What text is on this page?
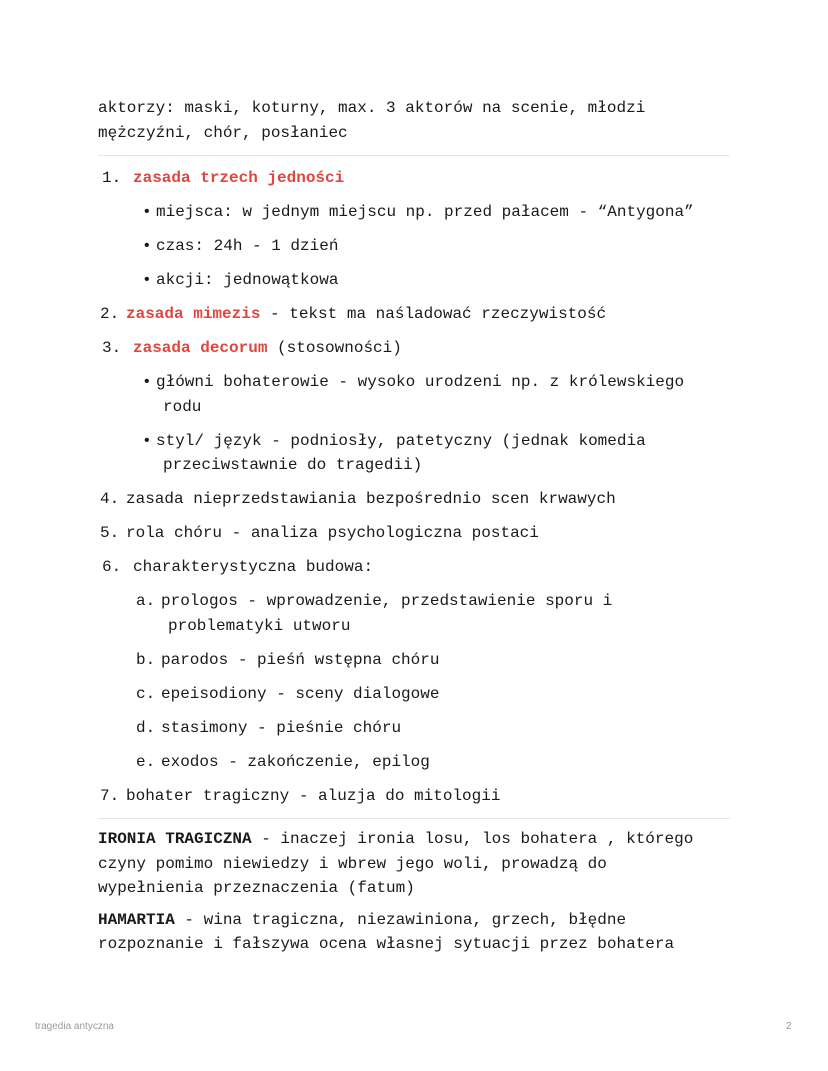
aktorzy: maski, koturny, max. 3 aktorów na scenie, młodzi

mężczyźni, chór, posłaniec

1. zasada trzech jedności
• miejsca: w jednym miejscu np. przed pałacem - “Antygona”
• czas: 24h - 1 dzień
• akcji: jednowątkowa
2. zasada mimezis - tekst ma naśladować rzeczywistość
3. zasada decorum (stosowności)
• główni bohaterowie - wysoko urodzeni np. z królewskiego
rodu
• styl/ język - podniosły, patetyczny (jednak komedia
przeciwstawnie do tragedii)
4. zasada nieprzedstawiania bezpośrednio scen krwawych
5. rola chóru - analiza psychologiczna postaci
6. charakterystyczna budowa:
a. prologos - wprowadzenie, przedstawienie sporu i
problematyki utworu
b. parodos - pieśń wstępna chóru
c. epeisodiony - sceny dialogowe
d. stasimony - pieśnie chóru
e. exodos - zakończenie, epilog
7. bohater tragiczny - aluzja do mitologii

IRONIA TRAGICZNA - inaczej ironia losu, los bohatera , którego

czyny pomimo niewiedzy i wbrew jego woli, prowadzą do

wypełnienia przeznaczenia (fatum)

HAMARTIA - wina tragiczna, niezawiniona, grzech, błędne

rozpoznanie i fałszywa ocena własnej sytuacji przez bohatera

tragedia antyczna	2
